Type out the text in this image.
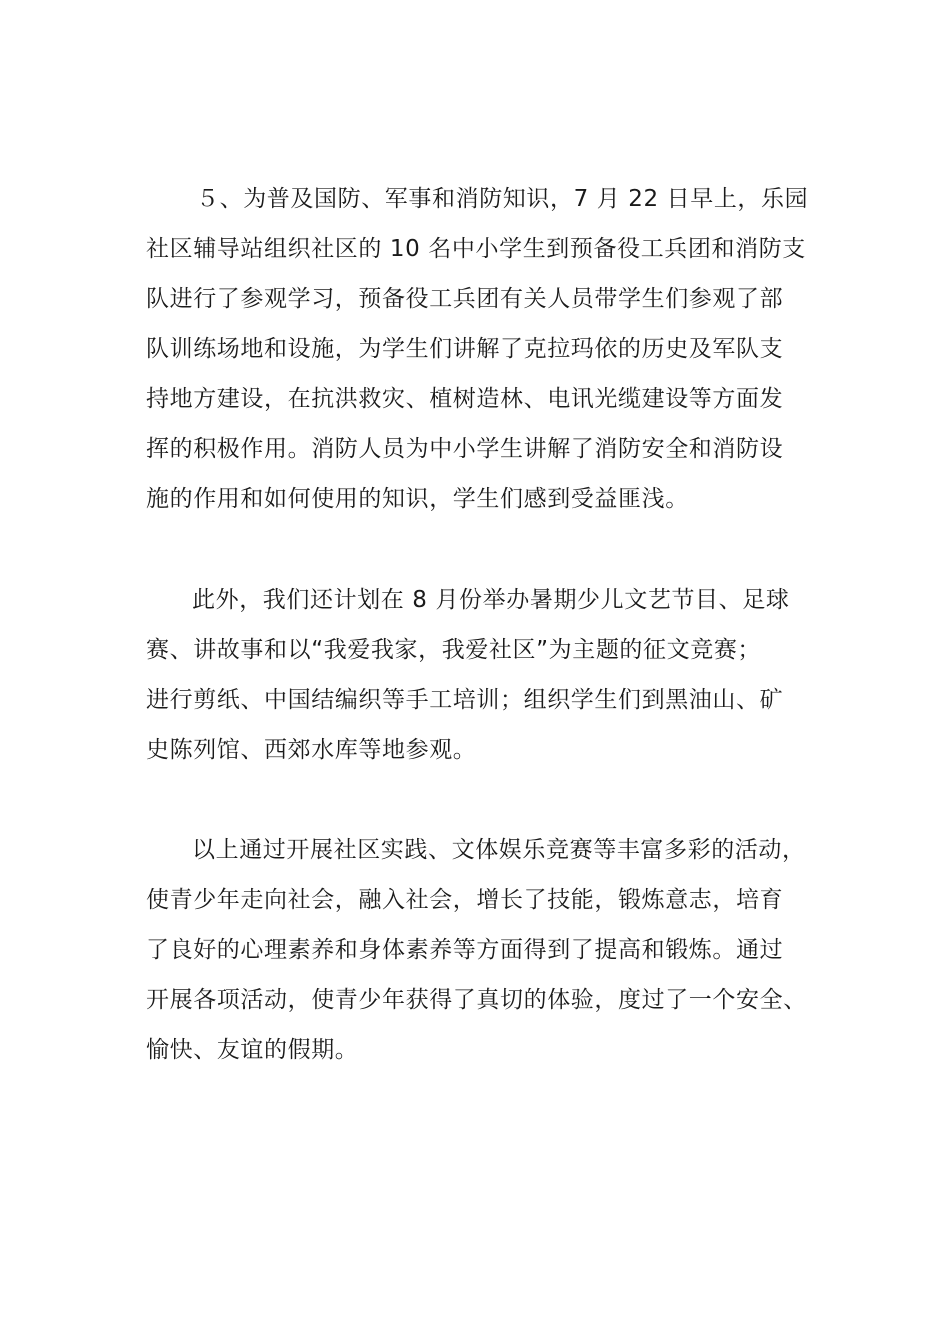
５、为普及国防、军事和消防知识，7 月 22 日早上，乐园
社区辅导站组织社区的 10 名中小学生到预备役工兵团和消防支
队进行了参观学习，预备役工兵团有关人员带学生们参观了部
队训练场地和设施，为学生们讲解了克拉玛依的历史及军队支
持地方建设，在抗洪救灾、植树造林、电讯光缆建设等方面发
挥的积极作用。消防人员为中小学生讲解了消防安全和消防设
施的作用和如何使用的知识，学生们感到受益匪浅。
此外，我们还计划在 8 月份举办暑期少儿文艺节目、足球
赛、讲故事和以“我爱我家，我爱社区”为主题的征文竞赛；
进行剪纸、中国结编织等手工培训；组织学生们到黑油山、矿
史陈列馆、西郊水库等地参观。
以上通过开展社区实践、文体娱乐竞赛等丰富多彩的活动，
使青少年走向社会，融入社会，增长了技能，锻炼意志，培育
了良好的心理素养和身体素养等方面得到了提高和锻炼。通过
开展各项活动，使青少年获得了真切的体验，度过了一个安全、
愉快、友谊的假期。
